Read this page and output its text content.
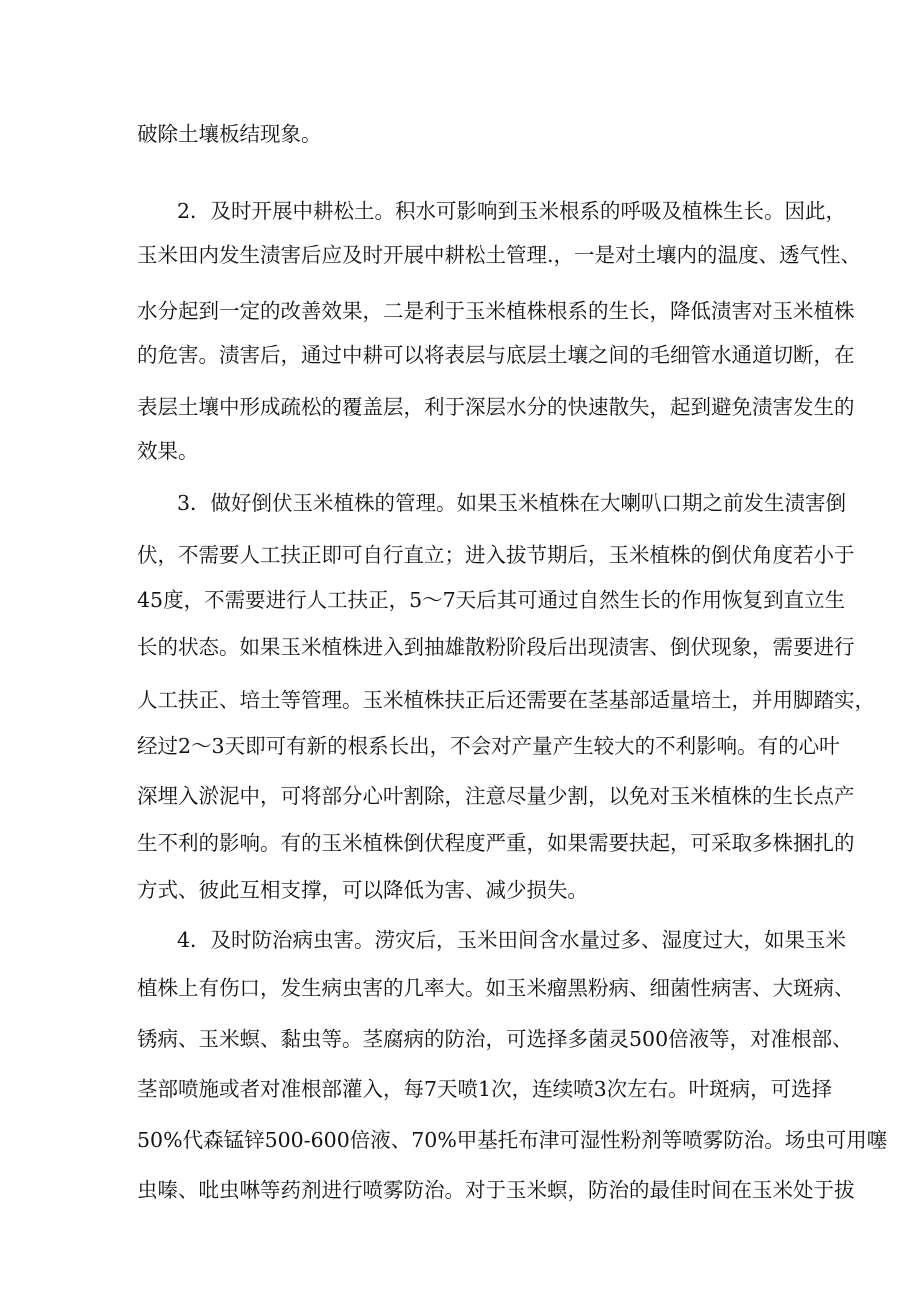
破除土壤板结现象。
2．及时开展中耕松土。积水可影响到玉米根系的呼吸及植株生长。因此，
玉米田内发生渍害后应及时开展中耕松土管理.，一是对土壤内的温度、透气性、
水分起到一定的改善效果，二是利于玉米植株根系的生长，降低渍害对玉米植株
的危害。渍害后，通过中耕可以将表层与底层土壤之间的毛细管水通道切断，在
表层土壤中形成疏松的覆盖层，利于深层水分的快速散失，起到避免渍害发生的
效果。
3．做好倒伏玉米植株的管理。如果玉米植株在大喇叭口期之前发生渍害倒
伏，不需要人工扶正即可自行直立；进入拔节期后，玉米植株的倒伏角度若小于
45度，不需要进行人工扶正，5～7天后其可通过自然生长的作用恢复到直立生
长的状态。如果玉米植株进入到抽雄散粉阶段后出现渍害、倒伏现象，需要进行
人工扶正、培土等管理。玉米植株扶正后还需要在茎基部适量培土，并用脚踏实，
经过2～3天即可有新的根系长出，不会对产量产生较大的不利影响。有的心叶
深埋入淤泥中，可将部分心叶割除，注意尽量少割，以免对玉米植株的生长点产
生不利的影响。有的玉米植株倒伏程度严重，如果需要扶起，可采取多株捆扎的
方式、彼此互相支撑，可以降低为害、减少损失。
4．及时防治病虫害。涝灾后，玉米田间含水量过多、湿度过大，如果玉米
植株上有伤口，发生病虫害的几率大。如玉米瘤黑粉病、细菌性病害、大斑病、
锈病、玉米螟、黏虫等。茎腐病的防治，可选择多菌灵500倍液等，对准根部、
茎部喷施或者对准根部灌入，每7天喷1次，连续喷3次左右。叶斑病，可选择
50%代森锰锌500-600倍液、70%甲基托布津可湿性粉剂等喷雾防治。场虫可用噻
虫嗪、吡虫啉等药剂进行喷雾防治。对于玉米螟，防治的最佳时间在玉米处于拔
